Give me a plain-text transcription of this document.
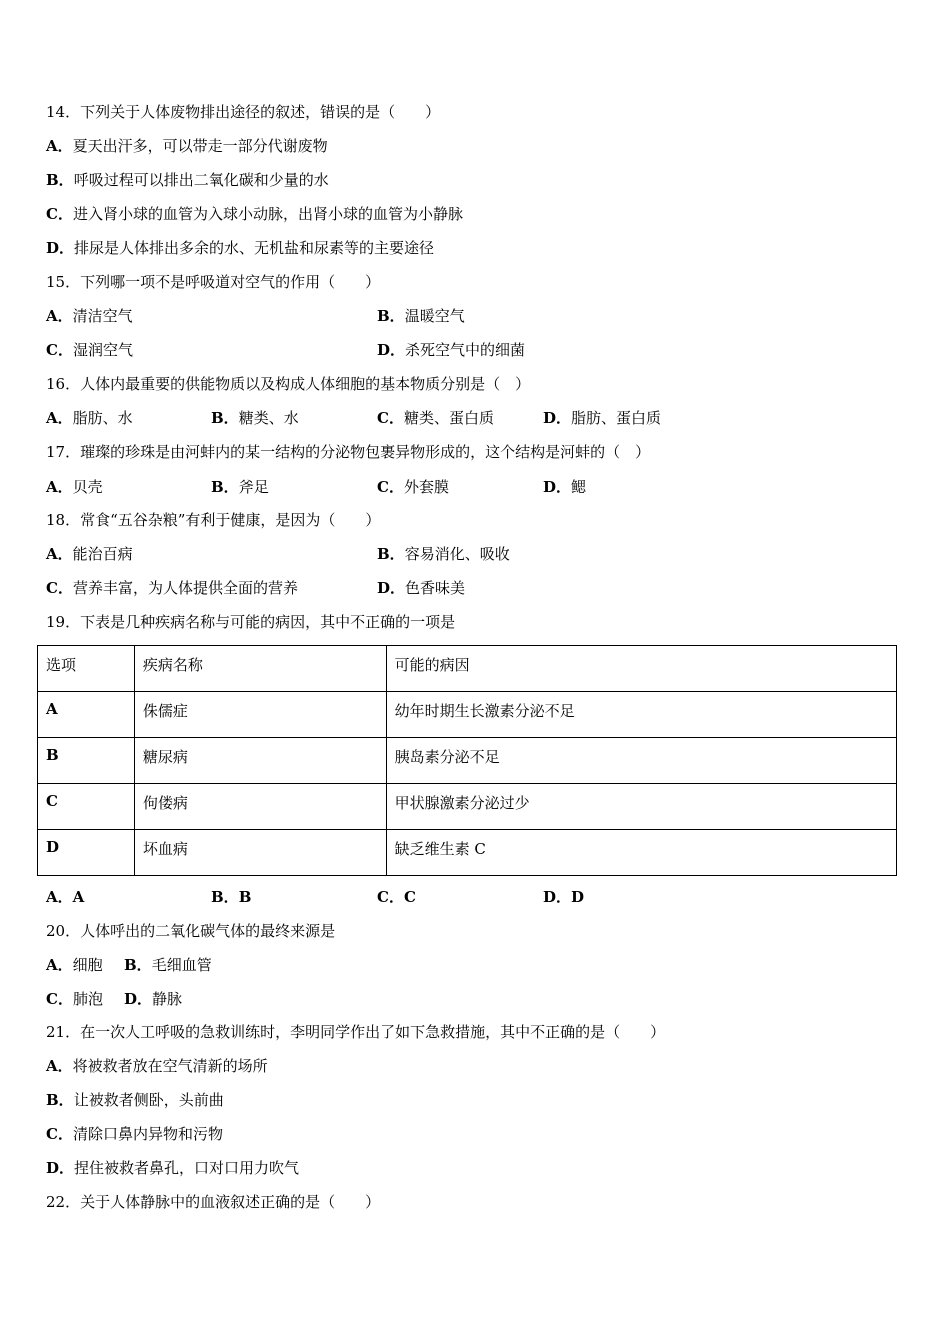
14．下列关于人体废物排出途径的叙述，错误的是（　　）
A．夏天出汗多，可以带走一部分代谢废物
B．呼吸过程可以排出二氧化碳和少量的水
C．进入肾小球的血管为入球小动脉，出肾小球的血管为小静脉
D．排尿是人体排出多余的水、无机盐和尿素等的主要途径
15．下列哪一项不是呼吸道对空气的作用（　　）
A．清洁空气	B．温暖空气
C．湿润空气	D．杀死空气中的细菌
16．人体内最重要的供能物质以及构成人体细胞的基本物质分别是（　）
A．脂肪、水	B．糖类、水	C．糖类、蛋白质	D．脂肪、蛋白质
17．璀璨的珍珠是由河蚌内的某一结构的分泌物包裹异物形成的，这个结构是河蚌的（　）
A．贝壳	B．斧足	C．外套膜	D．鳃
18．常食“五谷杂粮”有利于健康，是因为（　　）
A．能治百病	B．容易消化、吸收
C．营养丰富，为人体提供全面的营养	D．色香味美
19．下表是几种疾病名称与可能的病因，其中不正确的一项是
选项	疾病名称	可能的病因
A	侏儒症	幼年时期生长激素分泌不足
B	糖尿病	胰岛素分泌不足
C	佝偻病	甲状腺激素分泌过少
D	坏血病	缺乏维生素 C
A．A	B．B	C．C	D．D
20．人体呼出的二氧化碳气体的最终来源是
A．细胞 B．毛细血管
C．肺泡 D．静脉
21．在一次人工呼吸的急救训练时，李明同学作出了如下急救措施，其中不正确的是（　　）
A．将被救者放在空气清新的场所
B．让被救者侧卧，头前曲
C．清除口鼻内异物和污物
D．捏住被救者鼻孔，口对口用力吹气
22．关于人体静脉中的血液叙述正确的是（　　）
